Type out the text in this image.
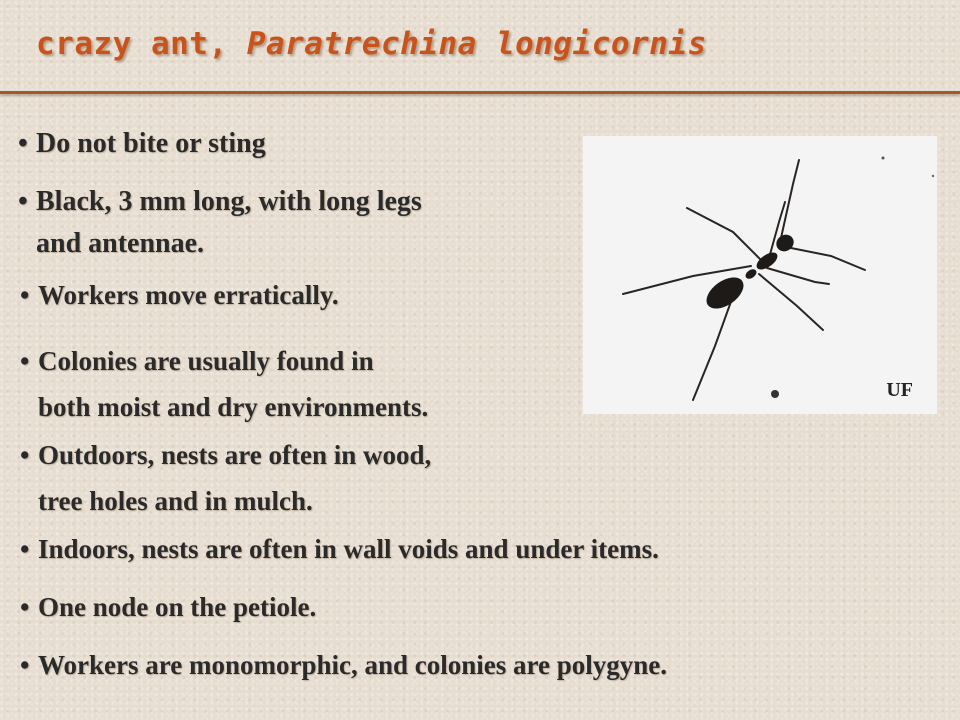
crazy ant, Paratrechina longicornis
• Do not bite or sting
• Black, 3 mm long, with long legs
and antennae.
• Workers move erratically.
• Colonies are usually found in
both moist and dry environments.
• Outdoors, nests are often in wood,
tree holes and in mulch.
• Indoors, nests are often in wall voids and under items.
• One node on the petiole.
• Workers are monomorphic, and colonies are polygyne.
UF
